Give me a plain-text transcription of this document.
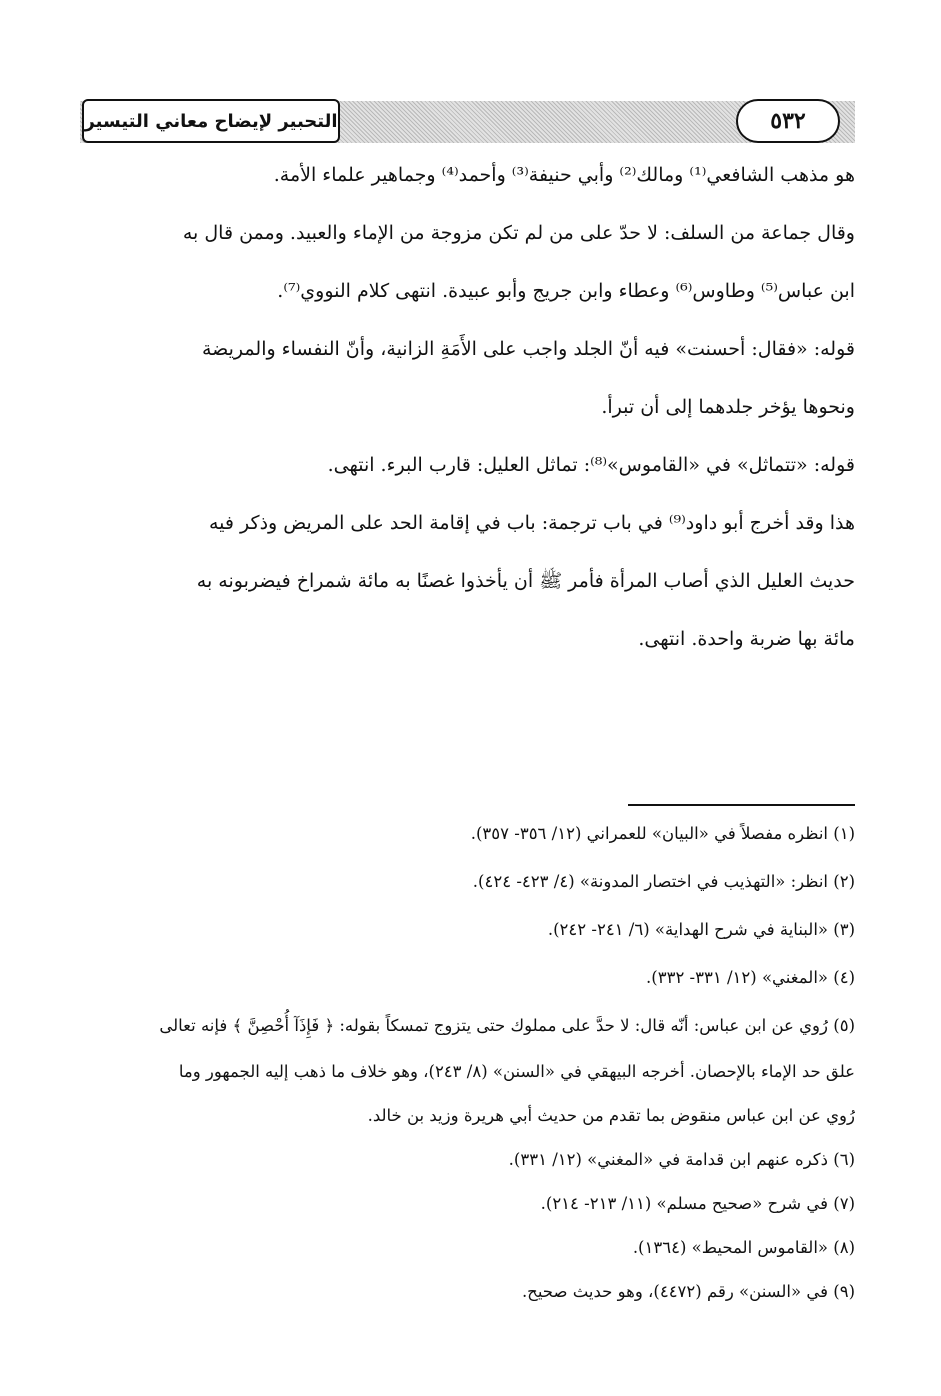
التحبير لإيضاح معاني التيسير	٥٣٢
هو مذهب الشافعي⁽¹⁾ ومالك⁽²⁾ وأبي حنيفة⁽³⁾ وأحمد⁽⁴⁾ وجماهير علماء الأمة.
وقال جماعة من السلف: لا حدّ على من لم تكن مزوجة من الإماء والعبيد. وممن قال به
ابن عباس⁽⁵⁾ وطاوس⁽⁶⁾ وعطاء وابن جريج وأبو عبيدة. انتهى كلام النووي⁽⁷⁾.
قوله: «فقال: أحسنت» فيه أنّ الجلد واجب على الأَمَةِ الزانية، وأنّ النفساء والمريضة
ونحوها يؤخر جلدهما إلى أن تبرأ.
قوله: «تتماثل» في «القاموس»⁽⁸⁾: تماثل العليل: قارب البرء. انتهى.
هذا وقد أخرج أبو داود⁽⁹⁾ في باب ترجمة: باب في إقامة الحد على المريض وذكر فيه
حديث العليل الذي أصاب المرأة فأمر ﷺ أن يأخذوا غصنًا به مائة شمراخ فيضربونه به
مائة بها ضربة واحدة. انتهى.
(١) انظره مفصلاً في «البيان» للعمراني (١٢/ ٣٥٦- ٣٥٧).
(٢) انظر: «التهذيب في اختصار المدونة» (٤/ ٤٢٣- ٤٢٤).
(٣) «البناية في شرح الهداية» (٦/ ٢٤١- ٢٤٢).
(٤) «المغني» (١٢/ ٣٣١- ٣٣٢).
(٥) رُوي عن ابن عباس: أنّه قال: لا حدَّ على مملوك حتى يتزوج تمسكاً بقوله: ﴿ فَإِذَآ أُحْصِنَّ ﴾ فإنه تعالى
علق حد الإماء بالإحصان. أخرجه البيهقي في «السنن» (٨/ ٢٤٣)، وهو خلاف ما ذهب إليه الجمهور وما
رُوي عن ابن عباس منقوض بما تقدم من حديث أبي هريرة وزيد بن خالد.
(٦) ذكره عنهم ابن قدامة في «المغني» (١٢/ ٣٣١).
(٧) في شرح «صحيح مسلم» (١١/ ٢١٣- ٢١٤).
(٨) «القاموس المحيط» (١٣٦٤).
(٩) في «السنن» رقم (٤٤٧٢)، وهو حديث صحيح.
